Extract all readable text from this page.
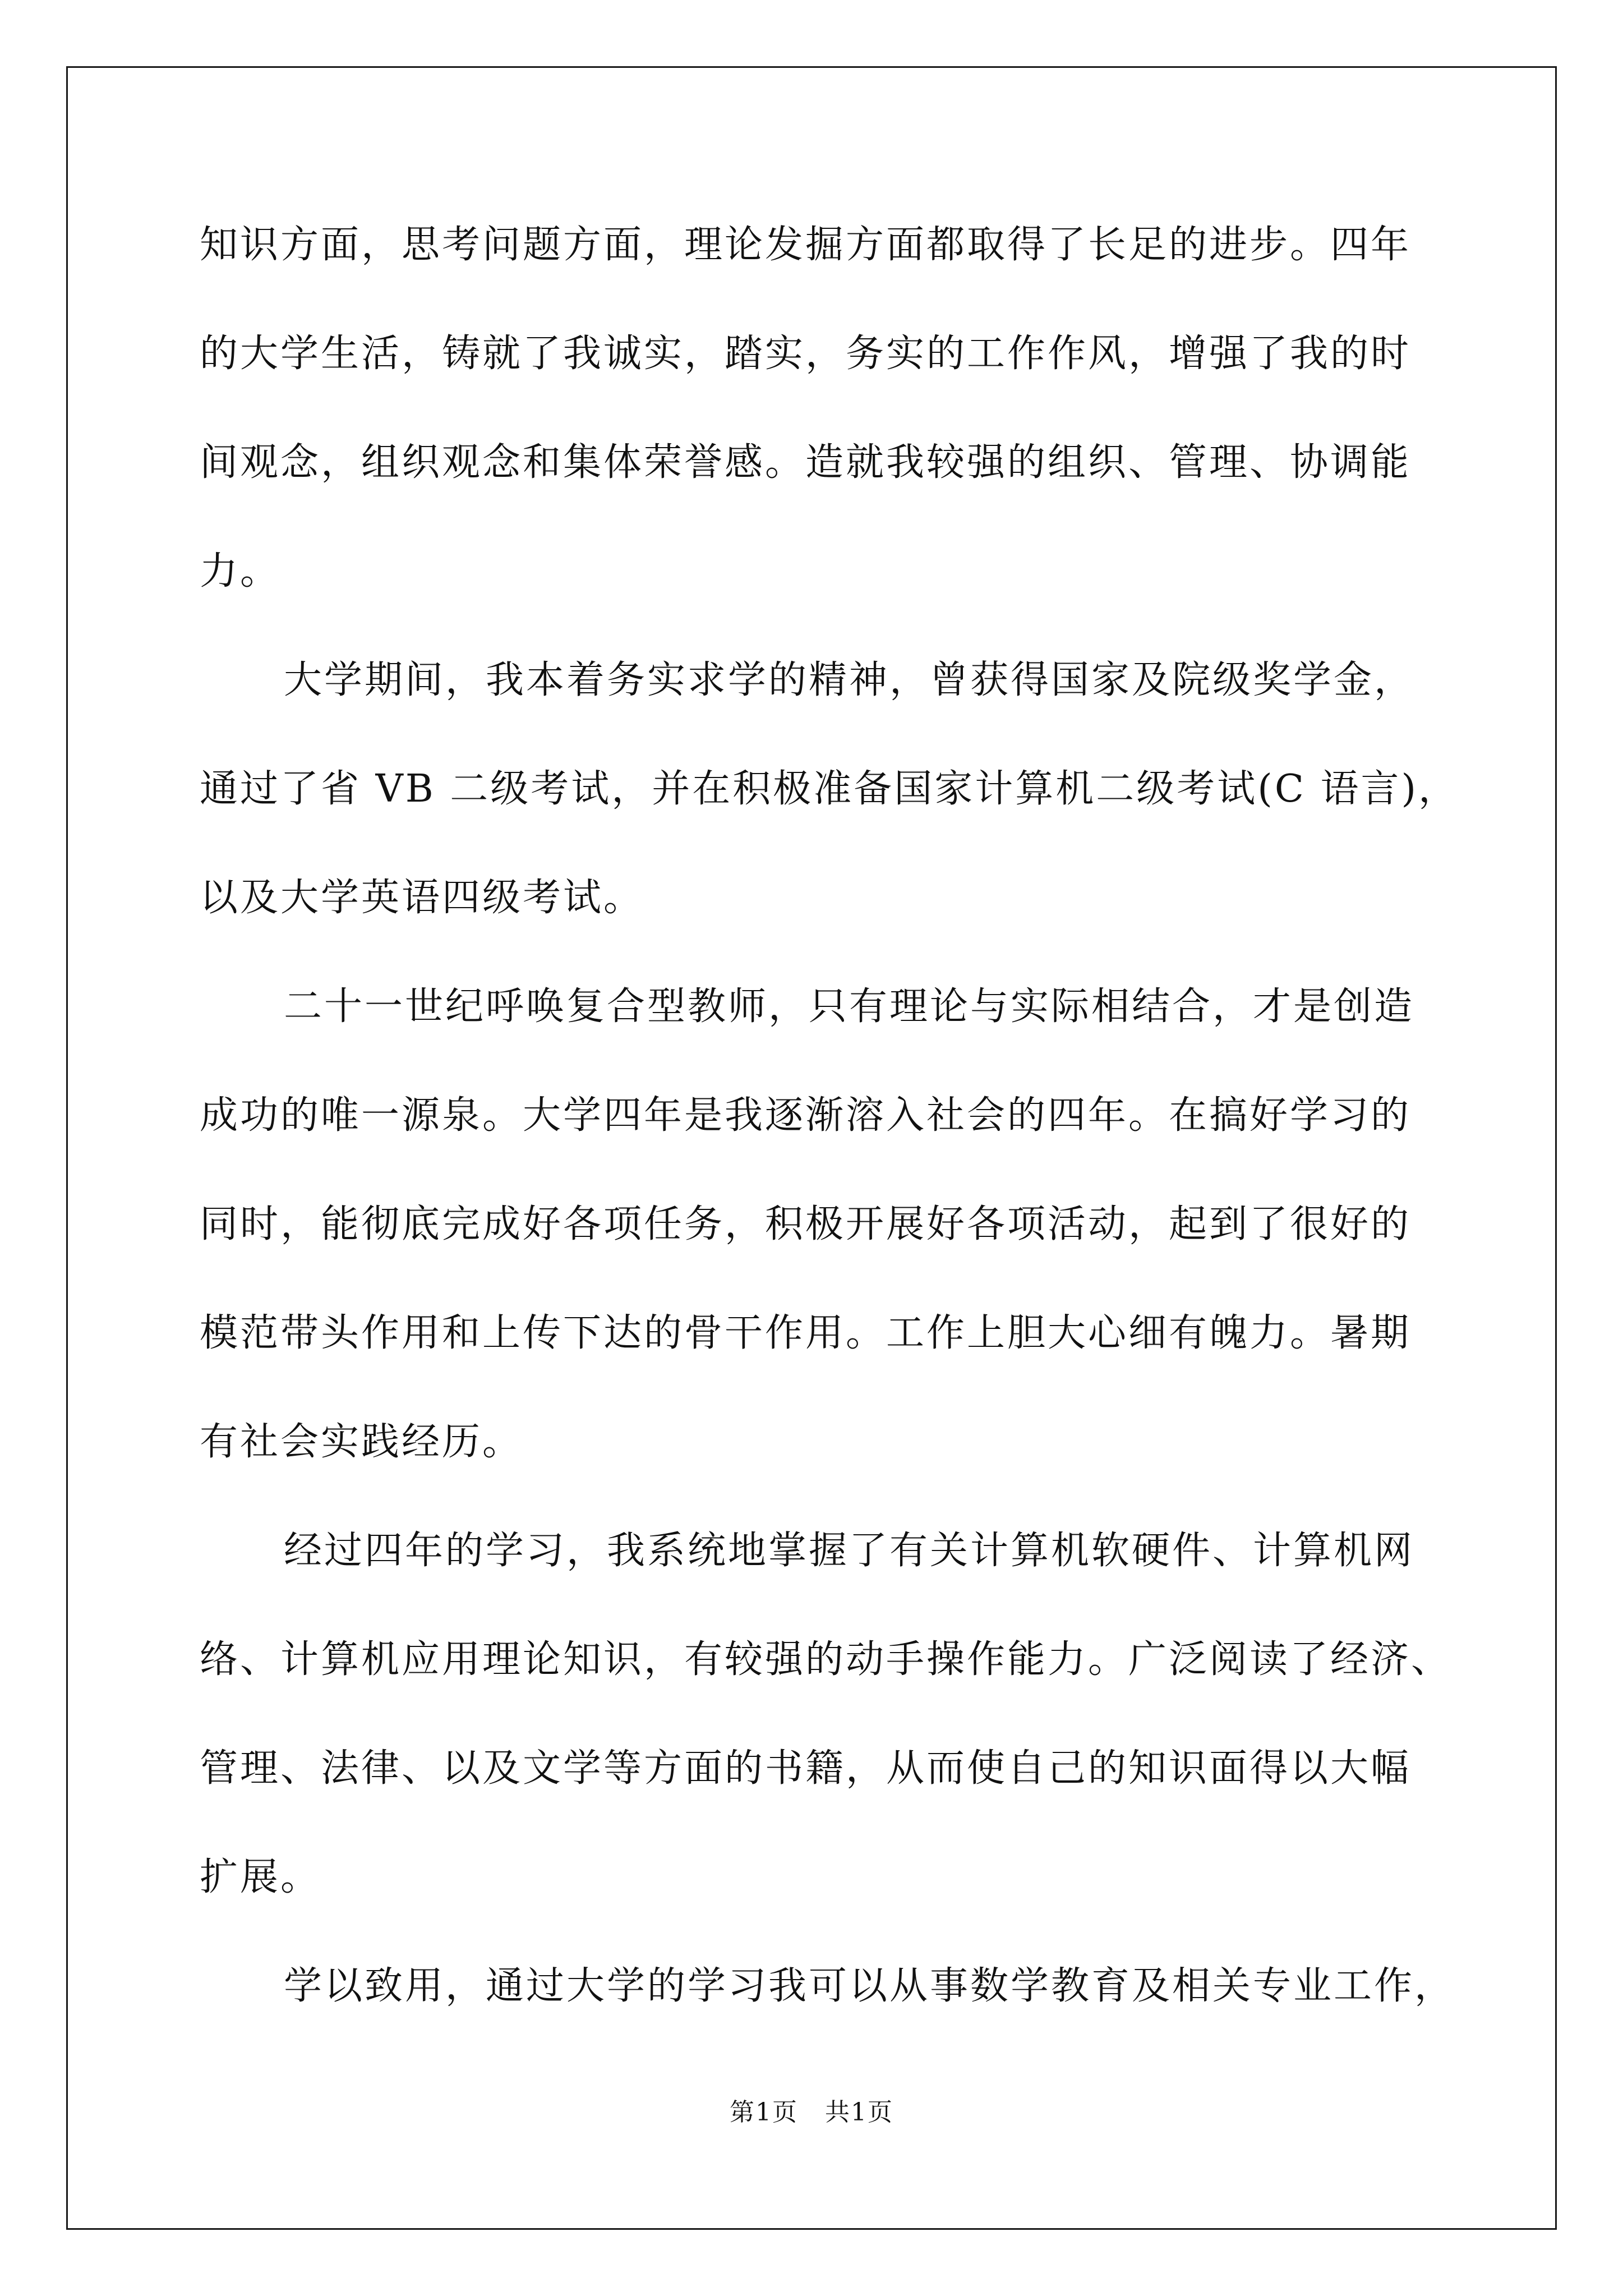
知识方面，思考问题方面，理论发掘方面都取得了长足的进步。四年
的大学生活，铸就了我诚实，踏实，务实的工作作风，增强了我的时
间观念，组织观念和集体荣誉感。造就我较强的组织、管理、协调能
力。
大学期间，我本着务实求学的精神，曾获得国家及院级奖学金，
通过了省 VB 二级考试，并在积极准备国家计算机二级考试(C 语言)，
以及大学英语四级考试。
二十一世纪呼唤复合型教师，只有理论与实际相结合，才是创造
成功的唯一源泉。大学四年是我逐渐溶入社会的四年。在搞好学习的
同时，能彻底完成好各项任务，积极开展好各项活动，起到了很好的
模范带头作用和上传下达的骨干作用。工作上胆大心细有魄力。暑期
有社会实践经历。
经过四年的学习，我系统地掌握了有关计算机软硬件、计算机网
络、计算机应用理论知识，有较强的动手操作能力。广泛阅读了经济、
管理、法律、以及文学等方面的书籍，从而使自己的知识面得以大幅
扩展。
学以致用，通过大学的学习我可以从事数学教育及相关专业工作，
第1页 共1页
